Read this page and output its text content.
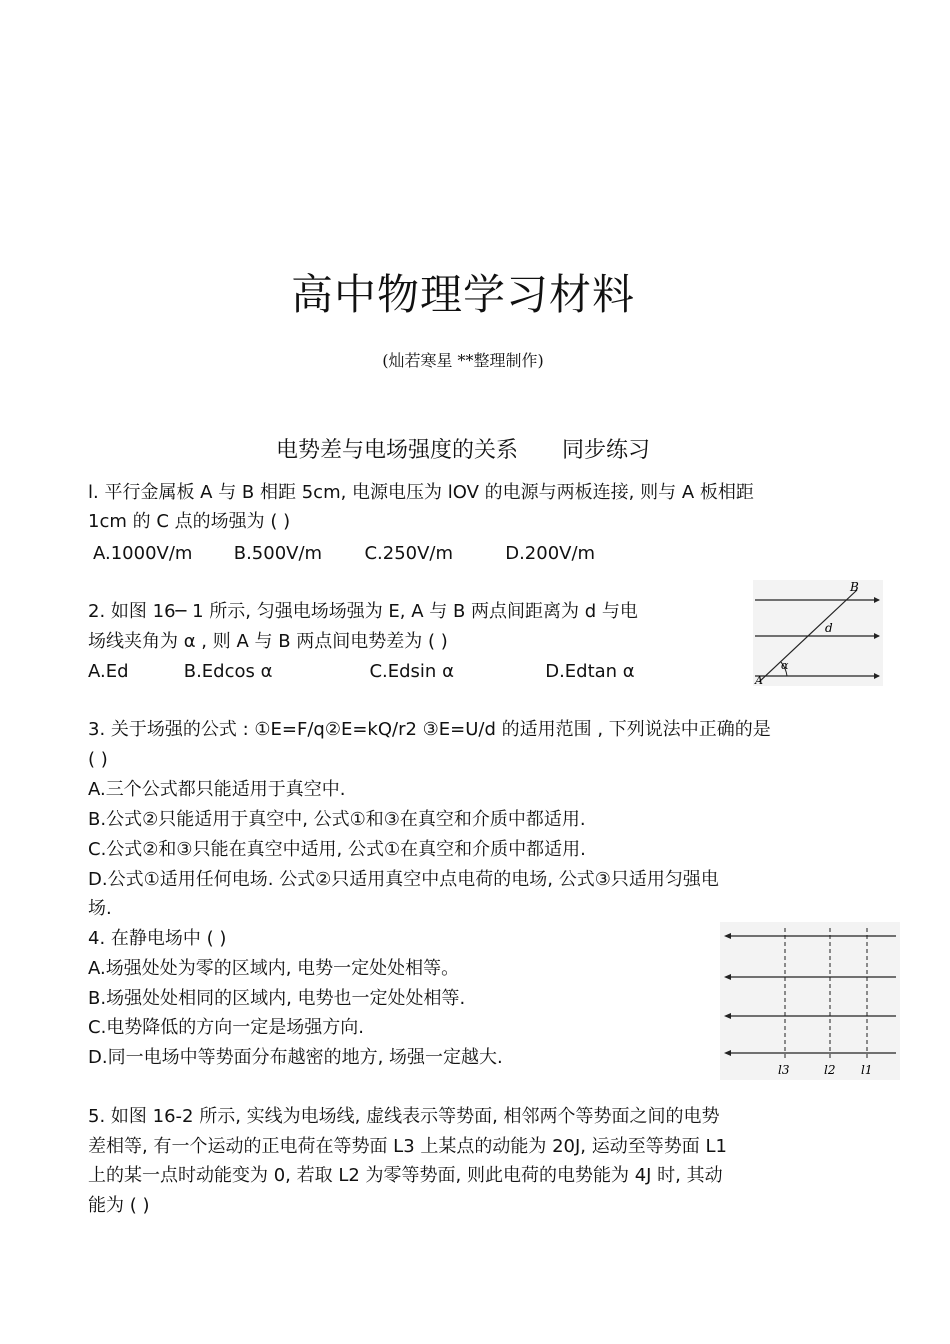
高中物理学习材料
(灿若寒星 **整理制作)
电势差与电场强度的关系　　同步练习
l. 平行金属板 A 与 B 相距 5cm, 电源电压为 lOV 的电源与两板连接, 则与 A 板相距
1cm 的 C 点的场强为 ( )
A.1000V/m B.500V/m C.250V/m	D.200V/m
2. 如图 16─ 1 所示, 匀强电场场强为 E, A 与 B 两点间距离为 d 与电
场线夹角为 α , 则 A 与 B 两点间电势差为 ( )
A.Ed	B.Edcos α	C.Edsin α	D.Edtan α
B
A
d
α
3. 关于场强的公式 : ①E=F/q②E=kQ/r2 ③E=U/d 的适用范围 , 下列说法中正确的是
( )
A.三个公式都只能适用于真空中.
B.公式②只能适用于真空中, 公式①和③在真空和介质中都适用.
C.公式②和③只能在真空中适用, 公式①在真空和介质中都适用.
D.公式①适用任何电场. 公式②只适用真空中点电荷的电场, 公式③只适用匀强电
场.
4. 在静电场中 ( )
A.场强处处为零的区域内, 电势一定处处相等。
B.场强处处相同的区域内, 电势也一定处处相等.
C.电势降低的方向一定是场强方向.
D.同一电场中等势面分布越密的地方, 场强一定越大.
l3	l2 l1
5. 如图 16-2 所示, 实线为电场线, 虚线表示等势面, 相邻两个等势面之间的电势
差相等, 有一个运动的正电荷在等势面 L3 上某点的动能为 20J, 运动至等势面 L1
上的某一点时动能变为 0, 若取 L2 为零等势面, 则此电荷的电势能为 4J 时, 其动
能为 ( )
